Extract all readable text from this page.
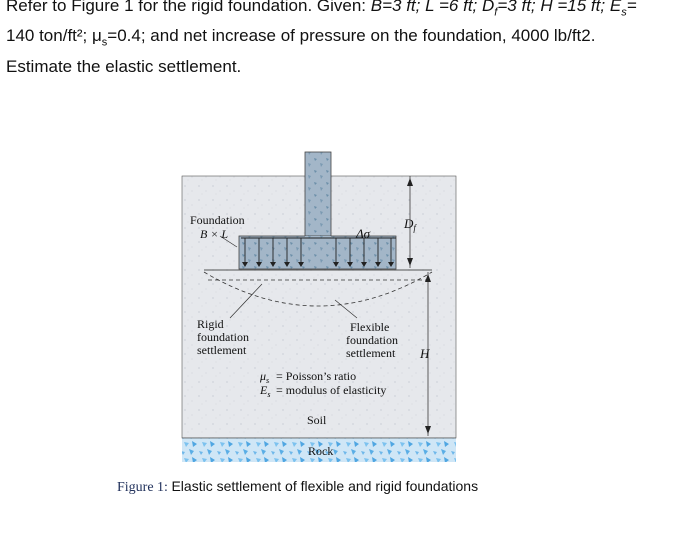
Refer to Figure 1 for the rigid foundation. Given: B=3 ft; L =6 ft; $D_f=3$ ft; H =15 ft; $E_s=$

140 ton/ft²; $\mu_s=0.4$; and net increase of pressure on the foundation, 4000 lb/ft2.

Estimate the elastic settlement.

Foundation
B × L	Δσ
$D_f$
Rigid
foundation
settlement
Flexible
foundation
settlement H
$\mu_s$ = Poisson’s ratio
$E_s$ = modulus of elasticity
Soil
Rock
Figure 1: Elastic settlement of flexible and rigid foundations
